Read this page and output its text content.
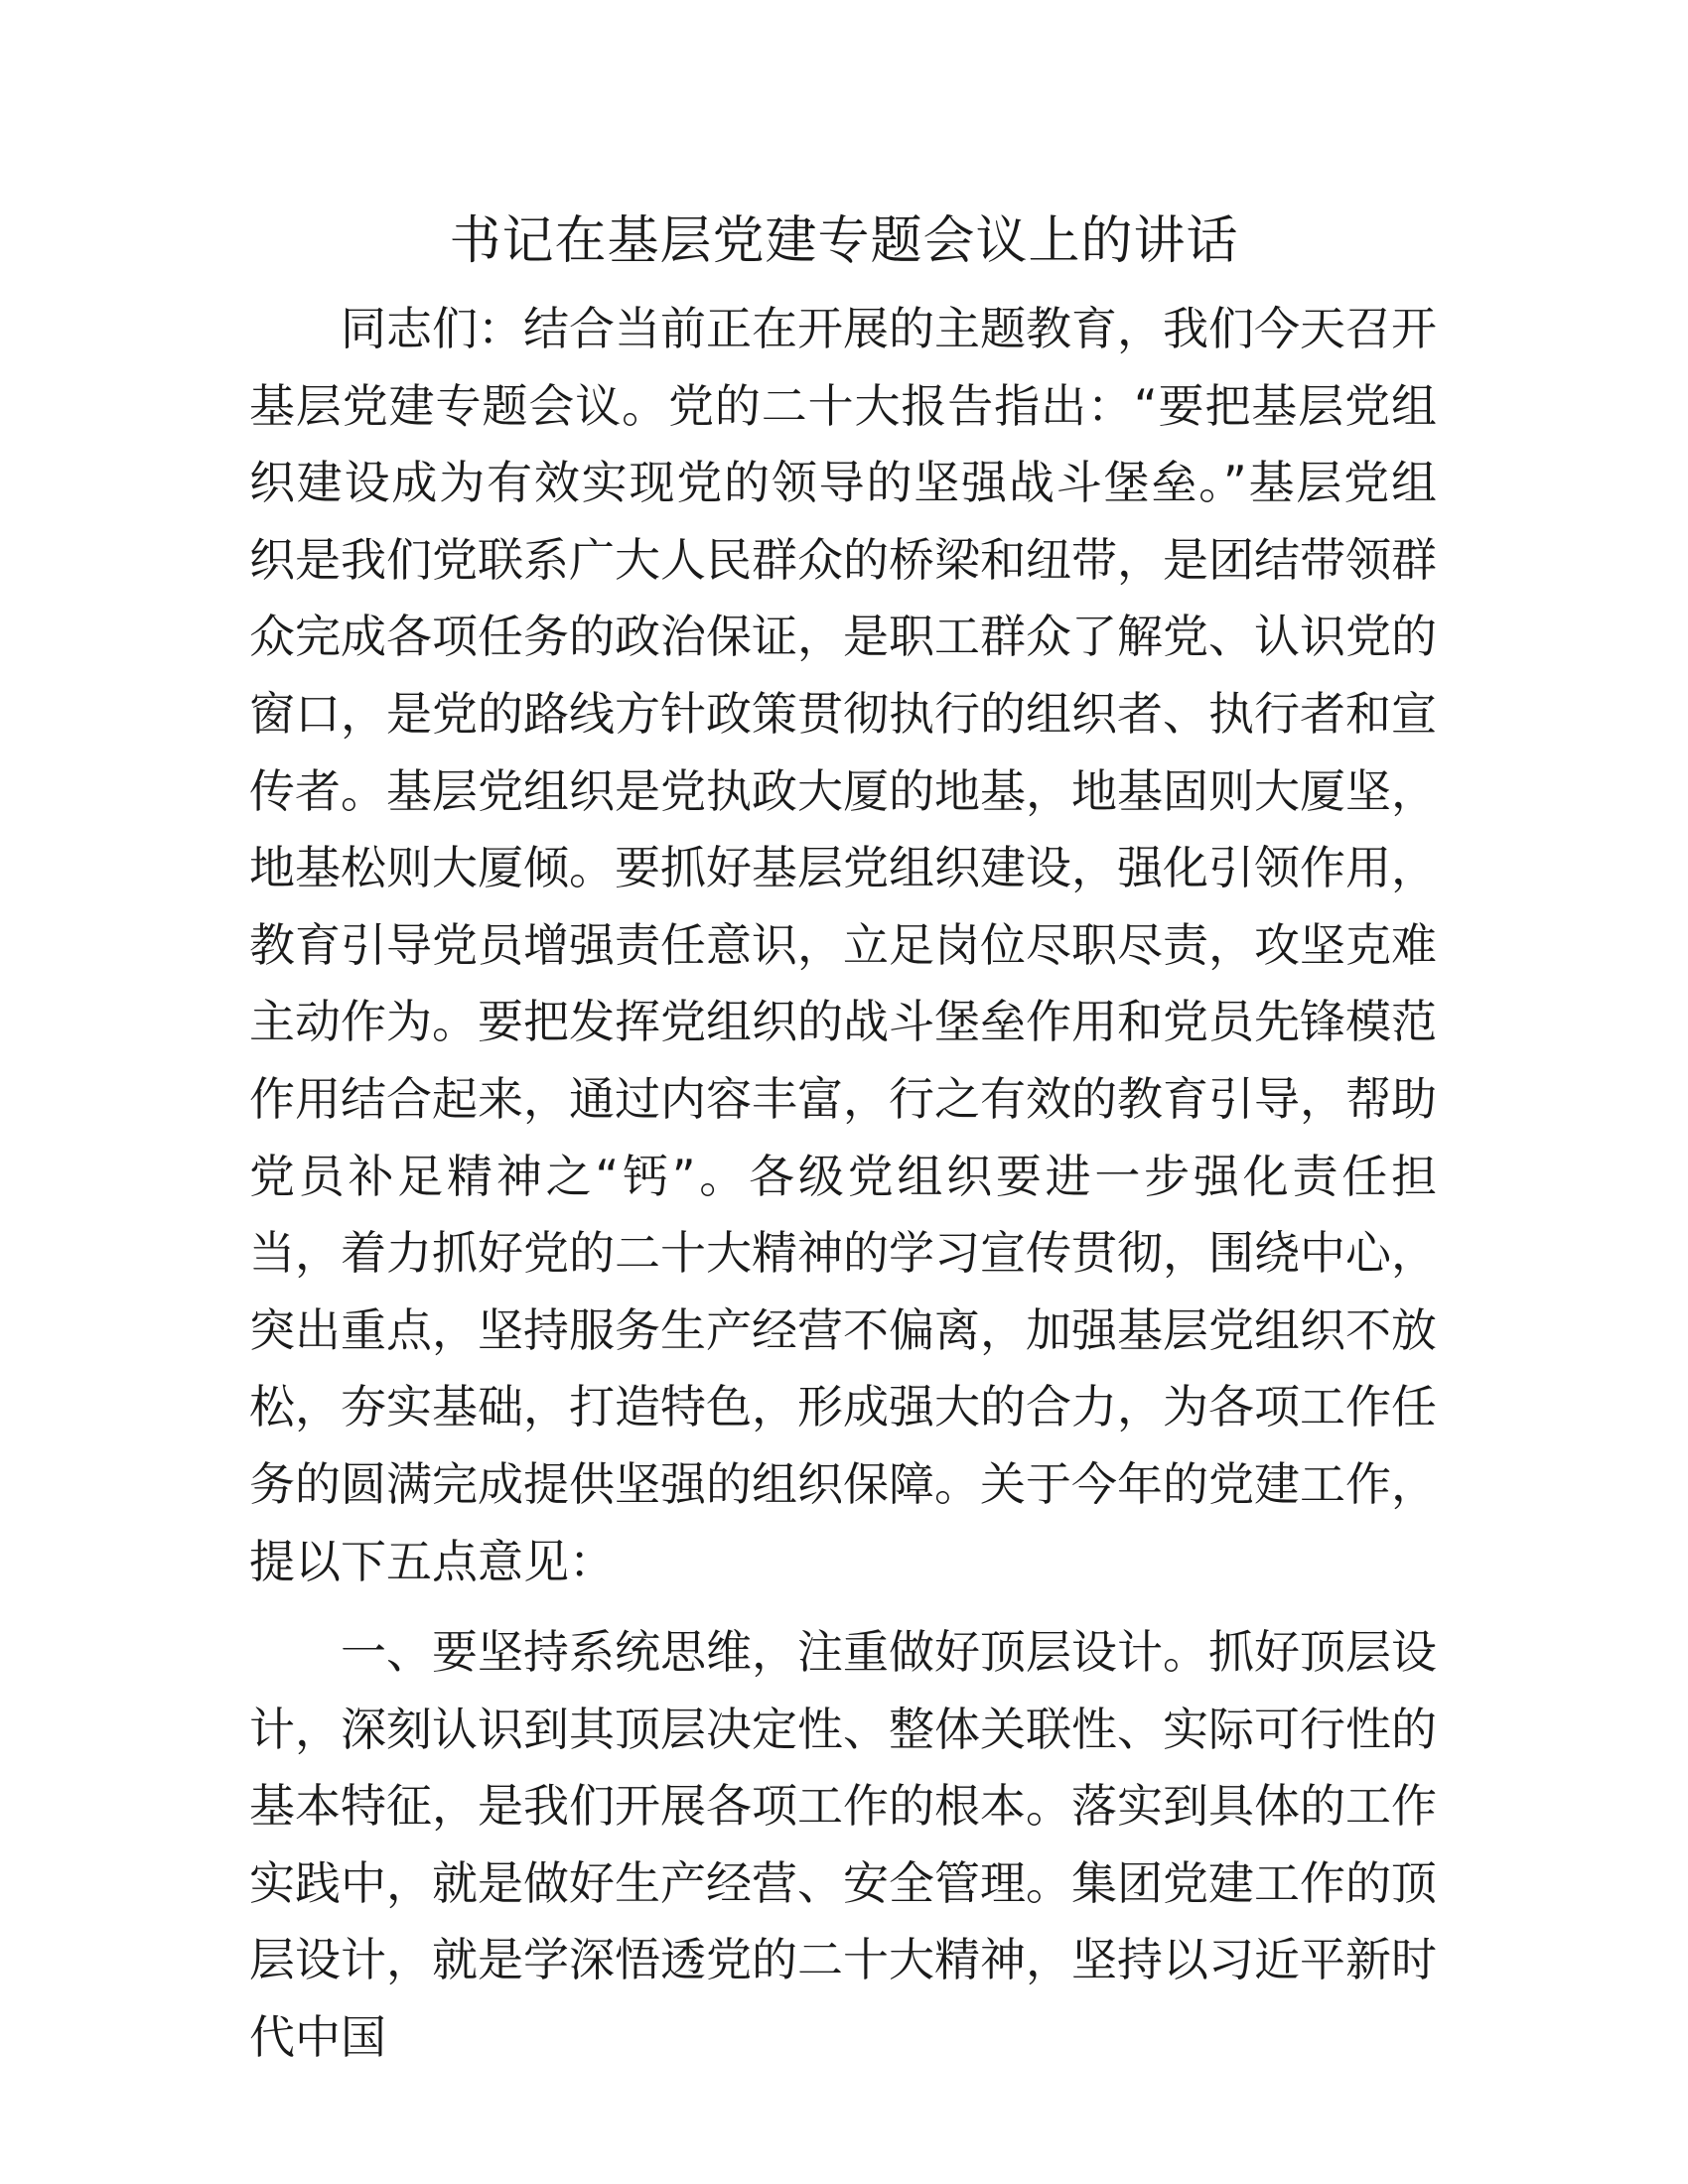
书记在基层党建专题会议上的讲话

同志们：结合当前正在开展的主题教育，我们今天召开基层党建专题会议。党的二十大报告指出：“要把基层党组织建设成为有效实现党的领导的坚强战斗堡垒。”基层党组织是我们党联系广大人民群众的桥梁和纽带，是团结带领群众完成各项任务的政治保证，是职工群众了解党、认识党的窗口，是党的路线方针政策贯彻执行的组织者、执行者和宣传者。基层党组织是党执政大厦的地基，地基固则大厦坚，地基松则大厦倾。要抓好基层党组织建设，强化引领作用，教育引导党员增强责任意识，立足岗位尽职尽责，攻坚克难主动作为。要把发挥党组织的战斗堡垒作用和党员先锋模范作用结合起来，通过内容丰富，行之有效的教育引导，帮助党员补足精神之“钙”。各级党组织要进一步强化责任担当，着力抓好党的二十大精神的学习宣传贯彻，围绕中心，突出重点，坚持服务生产经营不偏离，加强基层党组织不放松，夯实基础，打造特色，形成强大的合力，为各项工作任务的圆满完成提供坚强的组织保障。关于今年的党建工作，提以下五点意见：

一、要坚持系统思维，注重做好顶层设计。抓好顶层设计，深刻认识到其顶层决定性、整体关联性、实际可行性的基本特征，是我们开展各项工作的根本。落实到具体的工作实践中，就是做好生产经营、安全管理。集团党建工作的顶层设计，就是学深悟透党的二十大精神，坚持以习近平新时代中国
